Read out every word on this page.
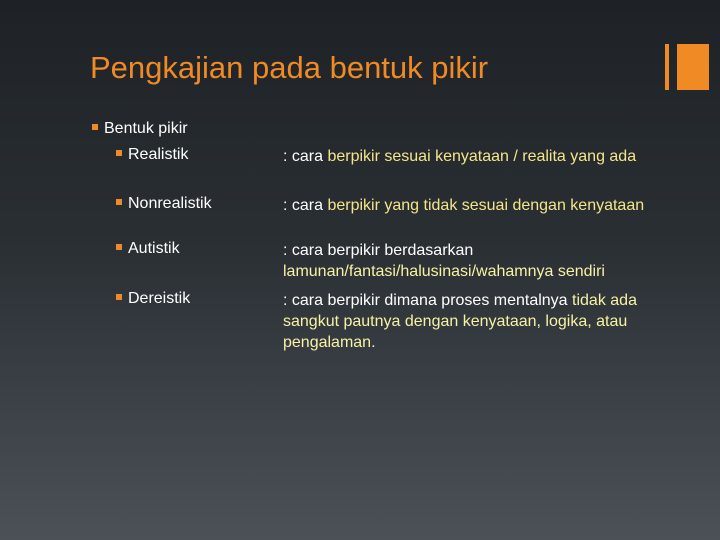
Pengkajian pada bentuk pikir
Bentuk pikir
Realistik	: cara berpikir sesuai kenyataan / realita yang ada
Nonrealistik	: cara berpikir yang tidak sesuai dengan kenyataan
Autistik	: cara berpikir berdasarkan lamunan/fantasi/halusinasi/wahamnya sendiri
Dereistik	: cara berpikir dimana proses mentalnya tidak ada sangkut pautnya dengan kenyataan, logika, atau pengalaman.
